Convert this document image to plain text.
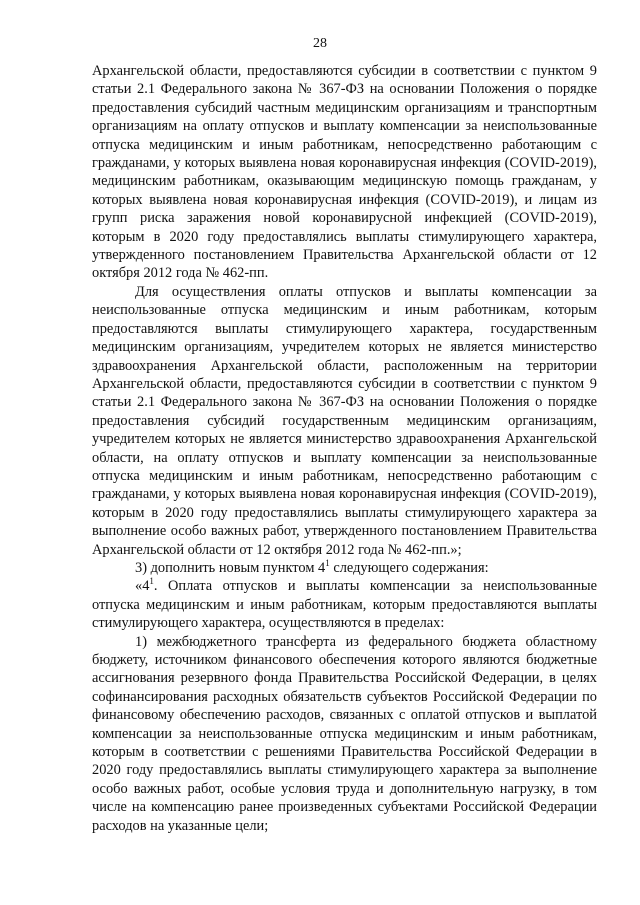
28

Архангельской области, предоставляются субсидии в соответствии с пунктом 9 статьи 2.1 Федерального закона № 367-ФЗ на основании Положения о порядке предоставления субсидий частным медицинским организациям и транспортным организациям на оплату отпусков и выплату компенсации за неиспользованные отпуска медицинским и иным работникам, непосредственно работающим с гражданами, у которых выявлена новая коронавирусная инфекция (COVID-2019), медицинским работникам, оказывающим медицинскую помощь гражданам, у которых выявлена новая коронавирусная инфекция (COVID-2019), и лицам из групп риска заражения новой коронавирусной инфекцией (COVID-2019), которым в 2020 году предоставлялись выплаты стимулирующего характера, утвержденного постановлением Правительства Архангельской области от 12 октября 2012 года № 462-пп.

Для осуществления оплаты отпусков и выплаты компенсации за неиспользованные отпуска медицинским и иным работникам, которым предоставляются выплаты стимулирующего характера, государственным медицинским организациям, учредителем которых не является министерство здравоохранения Архангельской области, расположенным на территории Архангельской области, предоставляются субсидии в соответствии с пунктом 9 статьи 2.1 Федерального закона № 367-ФЗ на основании Положения о порядке предоставления субсидий государственным медицинским организациям, учредителем которых не является министерство здравоохранения Архангельской области, на оплату отпусков и выплату компенсации за неиспользованные отпуска медицинским и иным работникам, непосредственно работающим с гражданами, у которых выявлена новая коронавирусная инфекция (COVID-2019), которым в 2020 году предоставлялись выплаты стимулирующего характера за выполнение особо важных работ, утвержденного постановлением Правительства Архангельской области от 12 октября 2012 года № 462-пп.»;

3) дополнить новым пунктом $4^1$ следующего содержания:

«$4^1$. Оплата отпусков и выплаты компенсации за неиспользованные отпуска медицинским и иным работникам, которым предоставляются выплаты стимулирующего характера, осуществляются в пределах:

1) межбюджетного трансферта из федерального бюджета областному бюджету, источником финансового обеспечения которого являются бюджетные ассигнования резервного фонда Правительства Российской Федерации, в целях софинансирования расходных обязательств субъектов Российской Федерации по финансовому обеспечению расходов, связанных с оплатой отпусков и выплатой компенсации за неиспользованные отпуска медицинским и иным работникам, которым в соответствии с решениями Правительства Российской Федерации в 2020 году предоставлялись выплаты стимулирующего характера за выполнение особо важных работ, особые условия труда и дополнительную нагрузку, в том числе на компенсацию ранее произведенных субъектами Российской Федерации расходов на указанные цели;
